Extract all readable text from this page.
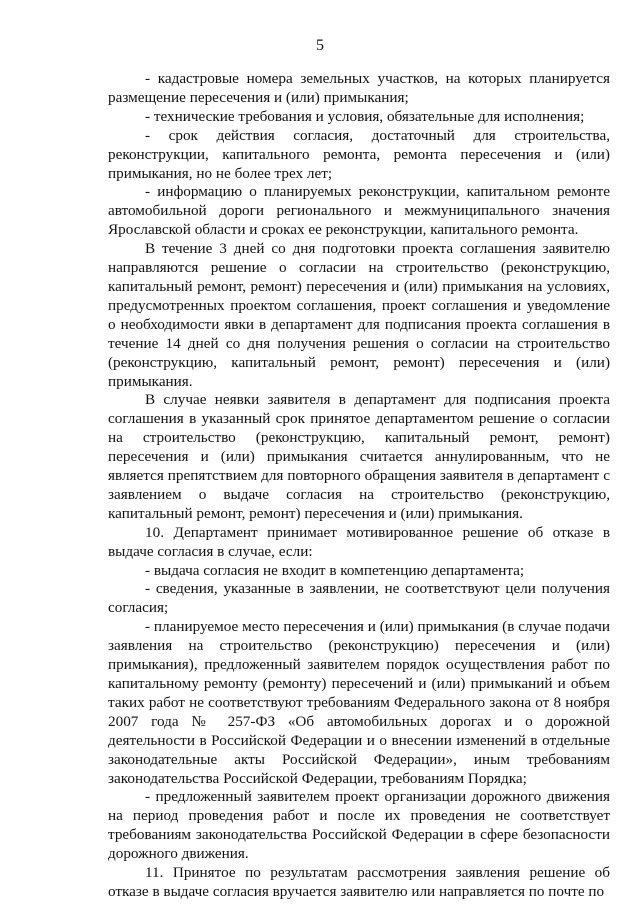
5

- кадастровые номера земельных участков, на которых планируется размещение пересечения и (или) примыкания;

- технические требования и условия, обязательные для исполнения;

- срок действия согласия, достаточный для строительства, реконструкции, капитального ремонта, ремонта пересечения и (или) примыкания, но не более трех лет;

- информацию о планируемых реконструкции, капитальном ремонте автомобильной дороги регионального и межмуниципального значения Ярославской области и сроках ее реконструкции, капитального ремонта.

В течение 3 дней со дня подготовки проекта соглашения заявителю направляются решение о согласии на строительство (реконструкцию, капитальный ремонт, ремонт) пересечения и (или) примыкания на условиях, предусмотренных проектом соглашения, проект соглашения и уведомление о необходимости явки в департамент для подписания проекта соглашения в течение 14 дней со дня получения решения о согласии на строительство (реконструкцию, капитальный ремонт, ремонт) пересечения и (или) примыкания.

В случае неявки заявителя в департамент для подписания проекта соглашения в указанный срок принятое департаментом решение о согласии на строительство (реконструкцию, капитальный ремонт, ремонт) пересечения и (или) примыкания считается аннулированным, что не является препятствием для повторного обращения заявителя в департамент с заявлением о выдаче согласия на строительство (реконструкцию, капитальный ремонт, ремонт) пересечения и (или) примыкания.

10. Департамент принимает мотивированное решение об отказе в выдаче согласия в случае, если:

- выдача согласия не входит в компетенцию департамента;

- сведения, указанные в заявлении, не соответствуют цели получения согласия;

- планируемое место пересечения и (или) примыкания (в случае подачи заявления на строительство (реконструкцию) пересечения и (или) примыкания), предложенный заявителем порядок осуществления работ по капитальному ремонту (ремонту) пересечений и (или) примыканий и объем таких работ не соответствуют требованиям Федерального закона от 8 ноября 2007 года № 257-ФЗ «Об автомобильных дорогах и о дорожной деятельности в Российской Федерации и о внесении изменений в отдельные законодательные акты Российской Федерации», иным требованиям законодательства Российской Федерации, требованиям Порядка;

- предложенный заявителем проект организации дорожного движения на период проведения работ и после их проведения не соответствует требованиям законодательства Российской Федерации в сфере безопасности дорожного движения.

11. Принятое по результатам рассмотрения заявления решение об отказе в выдаче согласия вручается заявителю или направляется по почте по
